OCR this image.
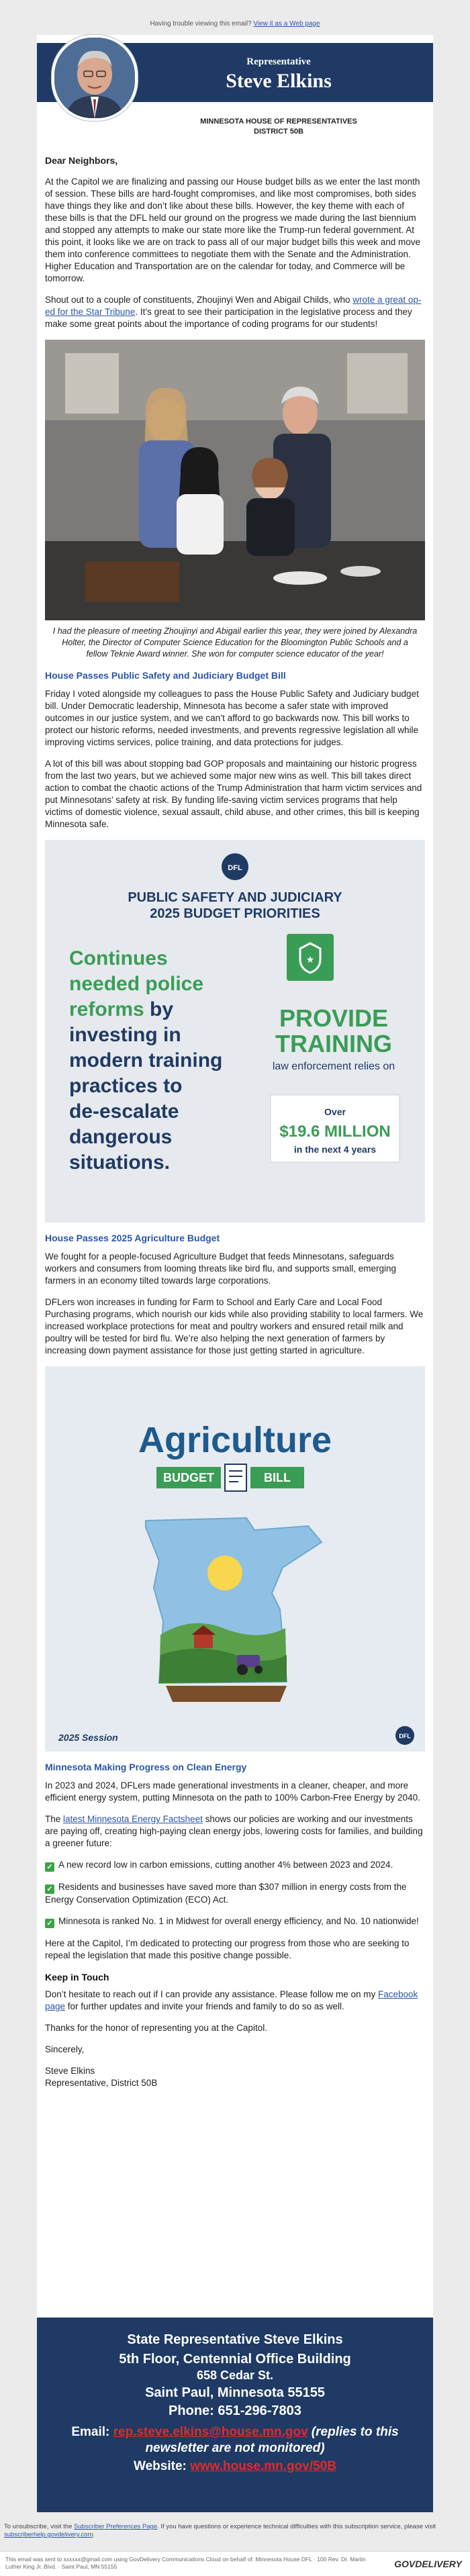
Having trouble viewing this email? View it as a Web page
Representative
Steve Elkins
MINNESOTA HOUSE OF REPRESENTATIVES
DISTRICT 50B

Dear Neighbors,

At the Capitol we are finalizing and passing our House budget bills as we enter the last month of session. These bills are hard-fought compromises, and like most compromises, both sides have things they like and don’t like about these bills. However, the key theme with each of these bills is that the DFL held our ground on the progress we made during the last biennium and stopped any attempts to make our state more like the Trump-run federal government. At this point, it looks like we are on track to pass all of our major budget bills this week and move them into conference committees to negotiate them with the Senate and the Administration. Higher Education and Transportation are on the calendar for today, and Commerce will be tomorrow.

Shout out to a couple of constituents, Zhoujinyi Wen and Abigail Childs, who wrote a great op-ed for the Star Tribune. It’s great to see their participation in the legislative process and they make some great points about the importance of coding programs for our students!

I had the pleasure of meeting Zhoujinyi and Abigail earlier this year, they were joined by Alexandra Holter, the Director of Computer Science Education for the Bloomington Public Schools and a fellow Teknie Award winner. She won for computer science educator of the year!
House Passes Public Safety and Judiciary Budget Bill

Friday I voted alongside my colleagues to pass the House Public Safety and Judiciary budget bill. Under Democratic leadership, Minnesota has become a safer state with improved outcomes in our justice system, and we can’t afford to go backwards now. This bill works to protect our historic reforms, needed investments, and prevents regressive legislation all while improving victims services, police training, and data protections for judges.

A lot of this bill was about stopping bad GOP proposals and maintaining our historic progress from the last two years, but we achieved some major new wins as well. This bill takes direct action to combat the chaotic actions of the Trump Administration that harm victim services and put Minnesotans’ safety at risk. By funding life-saving victim services programs that help victims of domestic violence, sexual assault, child abuse, and other crimes, this bill is keeping Minnesota safe.

DFL
PUBLIC SAFETY AND JUDICIARY
2025 BUDGET PRIORITIES
Continues
needed police
reforms by
investing in
modern training
practices to
de-escalate
dangerous
situations.
★
PROVIDE
TRAINING
law enforcement relies on
Over
$19.6 MILLION
in the next 4 years
House Passes 2025 Agriculture Budget

We fought for a people-focused Agriculture Budget that feeds Minnesotans, safeguards workers and consumers from looming threats like bird flu, and supports small, emerging farmers in an economy tilted towards large corporations.

DFLers won increases in funding for Farm to School and Early Care and Local Food Purchasing programs, which nourish our kids while also providing stability to local farmers. We increased workplace protections for meat and poultry workers and ensured retail milk and poultry will be tested for bird flu. We’re also helping the next generation of farmers by increasing down payment assistance for those just getting started in agriculture.

Agriculture
BUDGET	BILL
2025 Session	DFL
Minnesota Making Progress on Clean Energy

In 2023 and 2024, DFLers made generational investments in a cleaner, cheaper, and more efficient energy system, putting Minnesota on the path to 100% Carbon-Free Energy by 2040.

The latest Minnesota Energy Factsheet shows our policies are working and our investments are paying off, creating high-paying clean energy jobs, lowering costs for families, and building a greener future:

✓ A new record low in carbon emissions, cutting another 4% between 2023 and 2024.

✓ Residents and businesses have saved more than $307 million in energy costs from the Energy Conservation Optimization (ECO) Act.

✓ Minnesota is ranked No. 1 in Midwest for overall energy efficiency, and No. 10 nationwide!

Here at the Capitol, I’m dedicated to protecting our progress from those who are seeking to repeal the legislation that made this positive change possible.

Keep in Touch

Don’t hesitate to reach out if I can provide any assistance. Please follow me on my Facebook page for further updates and invite your friends and family to do so as well.

Thanks for the honor of representing you at the Capitol.

Sincerely,

Steve Elkins
Representative, District 50B
State Representative Steve Elkins
5th Floor, Centennial Office Building
658 Cedar St.
Saint Paul, Minnesota 55155
Phone: 651-296-7803
Email: rep.steve.elkins@house.mn.gov (replies to this newsletter are not monitored)
Website: www.house.mn.gov/50B
To unsubscribe, visit the Subscriber Preferences Page. If you have questions or experience technical difficulties with this subscription service, please visit subscriberhelp.govdelivery.com.
This email was sent to xxxxxx@gmail.com using GovDelivery Communications Cloud on behalf of: Minnesota House DFL · 100 Rev. Dr. Martin Luther King Jr. Blvd. · Saint Paul, MN 55155	GOVDELIVERY
